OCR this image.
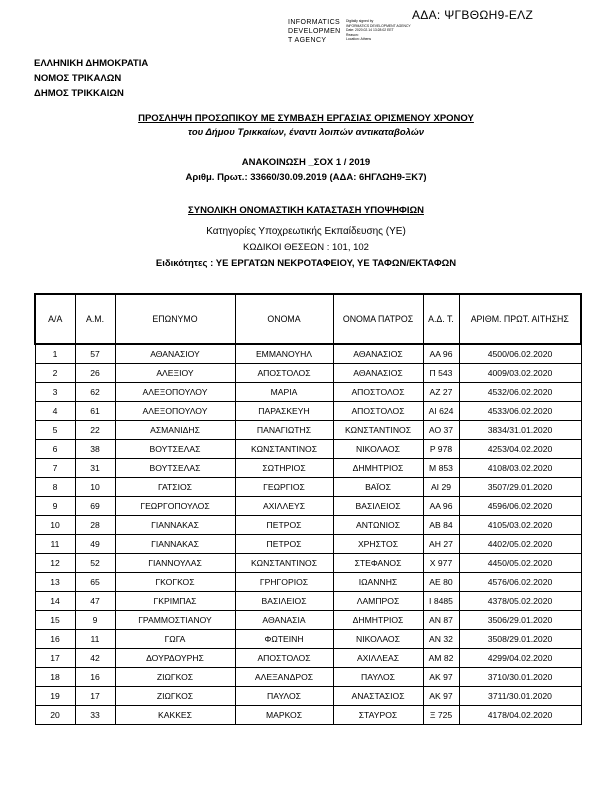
ΑΔΑ: ΨΓΒΘΩΗ9-ΕΛΖ
INFORMATICS
DEVELOPMEN
T AGENCY
Digitally signed by
INFORMATICS DEVELOPMENT AGENCY
Date: 2020.02.14 13:28:02 EET
Reason:
Location: Athens
ΕΛΛΗΝΙΚΗ ΔΗΜΟΚΡΑΤΙΑ
ΝΟΜΟΣ ΤΡΙΚΑΛΩΝ
ΔΗΜΟΣ ΤΡΙΚΚΑΙΩΝ
ΠΡΟΣΛΗΨΗ ΠΡΟΣΩΠΙΚΟΥ ΜΕ ΣΥΜΒΑΣΗ ΕΡΓΑΣΙΑΣ ΟΡΙΣΜΕΝΟΥ ΧΡΟΝΟΥ
του Δήμου Τρικκαίων, έναντι λοιπών αντικαταβολών
ΑΝΑΚΟΙΝΩΣΗ _ΣΟΧ 1 / 2019
Αριθμ. Πρωτ.: 33660/30.09.2019 (ΑΔΑ: 6ΗΓΛΩΗ9-ΞΚ7)
ΣΥΝΟΛΙΚΗ ΟΝΟΜΑΣΤΙΚΗ ΚΑΤΑΣΤΑΣΗ ΥΠΟΨΗΦΙΩΝ
Κατηγορίες Υποχρεωτικής Εκπαίδευσης (ΥΕ)
ΚΩΔΙΚΟΙ ΘΕΣΕΩΝ : 101, 102
Ειδικότητες : ΥΕ ΕΡΓΑΤΩΝ ΝΕΚΡΟΤΑΦΕΙΟΥ, ΥΕ ΤΑΦΩΝ/ΕΚΤΑΦΩΝ
Α/Α	Α.Μ.	ΕΠΩΝΥΜΟ	ΟΝΟΜΑ	ΟΝΟΜΑ ΠΑΤΡΟΣ	Α.Δ. Τ.	ΑΡΙΘΜ. ΠΡΩΤ. ΑΙΤΗΣΗΣ
1	57	ΑΘΑΝΑΣΙΟΥ	ΕΜΜΑΝΟΥΗΛ	ΑΘΑΝΑΣΙΟΣ	ΑΑ 96	4500/06.02.2020
2	26	ΑΛΕΞΙΟΥ	ΑΠΟΣΤΟΛΟΣ	ΑΘΑΝΑΣΙΟΣ	Π 543	4009/03.02.2020
3	62	ΑΛΕΞΟΠΟΥΛΟΥ	ΜΑΡΙΑ	ΑΠΟΣΤΟΛΟΣ	ΑΖ 27	4532/06.02.2020
4	61	ΑΛΕΞΟΠΟΥΛΟΥ	ΠΑΡΑΣΚΕΥΗ	ΑΠΟΣΤΟΛΟΣ	ΑΙ 624	4533/06.02.2020
5	22	ΑΣΜΑΝΙΔΗΣ	ΠΑΝΑΓΙΩΤΗΣ	ΚΩΝΣΤΑΝΤΙΝΟΣ	ΑΟ 37	3834/31.01.2020
6	38	ΒΟΥΤΣΕΛΑΣ	ΚΩΝΣΤΑΝΤΙΝΟΣ	ΝΙΚΟΛΑΟΣ	Ρ 978	4253/04.02.2020
7	31	ΒΟΥΤΣΕΛΑΣ	ΣΩΤΗΡΙΟΣ	ΔΗΜΗΤΡΙΟΣ	Μ 853	4108/03.02.2020
8	10	ΓΑΤΣΙΟΣ	ΓΕΩΡΓΙΟΣ	ΒΑΪΟΣ	ΑΙ 29	3507/29.01.2020
9	69	ΓΕΩΡΓΟΠΟΥΛΟΣ	ΑΧΙΛΛΕΥΣ	ΒΑΣΙΛΕΙΟΣ	ΑΑ 96	4596/06.02.2020
10	28	ΓΙΑΝΝΑΚΑΣ	ΠΕΤΡΟΣ	ΑΝΤΩΝΙΟΣ	ΑΒ 84	4105/03.02.2020
11	49	ΓΙΑΝΝΑΚΑΣ	ΠΕΤΡΟΣ	ΧΡΗΣΤΟΣ	ΑΗ 27	4402/05.02.2020
12	52	ΓΙΑΝΝΟΥΛΑΣ	ΚΩΝΣΤΑΝΤΙΝΟΣ	ΣΤΕΦΑΝΟΣ	Χ 977	4450/05.02.2020
13	65	ΓΚΟΓΚΟΣ	ΓΡΗΓΟΡΙΟΣ	ΙΩΑΝΝΗΣ	ΑΕ 80	4576/06.02.2020
14	47	ΓΚΡΙΜΠΑΣ	ΒΑΣΙΛΕΙΟΣ	ΛΑΜΠΡΟΣ	Ι 8485	4378/05.02.2020
15	9	ΓΡΑΜΜΟΣΤΙΑΝΟΥ	ΑΘΑΝΑΣΙΑ	ΔΗΜΗΤΡΙΟΣ	ΑΝ 87	3506/29.01.2020
16	11	ΓΩΓΑ	ΦΩΤΕΙΝΗ	ΝΙΚΟΛΑΟΣ	ΑΝ 32	3508/29.01.2020
17	42	ΔΟΥΡΔΟΥΡΗΣ	ΑΠΟΣΤΟΛΟΣ	ΑΧΙΛΛΕΑΣ	ΑΜ 82	4299/04.02.2020
18	16	ΖΙΩΓΚΟΣ	ΑΛΕΞΑΝΔΡΟΣ	ΠΑΥΛΟΣ	ΑΚ 97	3710/30.01.2020
19	17	ΖΙΩΓΚΟΣ	ΠΑΥΛΟΣ	ΑΝΑΣΤΑΣΙΟΣ	ΑΚ 97	3711/30.01.2020
20	33	ΚΑΚΚΕΣ	ΜΑΡΚΟΣ	ΣΤΑΥΡΟΣ	Ξ 725	4178/04.02.2020
